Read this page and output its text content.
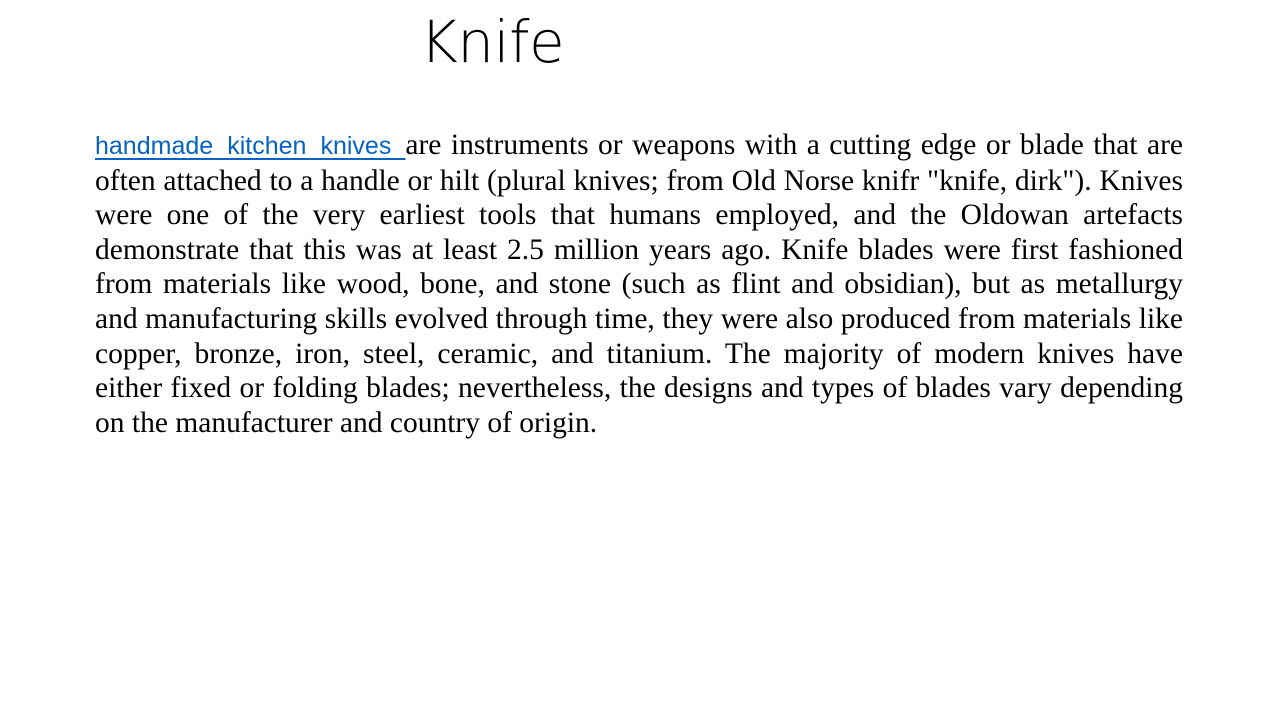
Knife

handmade kitchen knives are instruments or weapons with a cutting edge or blade that are often attached to a handle or hilt (plural knives; from Old Norse knifr "knife, dirk"). Knives were one of the very earliest tools that humans employed, and the Oldowan artefacts demonstrate that this was at least 2.5 million years ago. Knife blades were first fashioned from materials like wood, bone, and stone (such as flint and obsidian), but as metallurgy and manufacturing skills evolved through time, they were also produced from materials like copper, bronze, iron, steel, ceramic, and titanium. The majority of modern knives have either fixed or folding blades; nevertheless, the designs and types of blades vary depending on the manufacturer and country of origin.
